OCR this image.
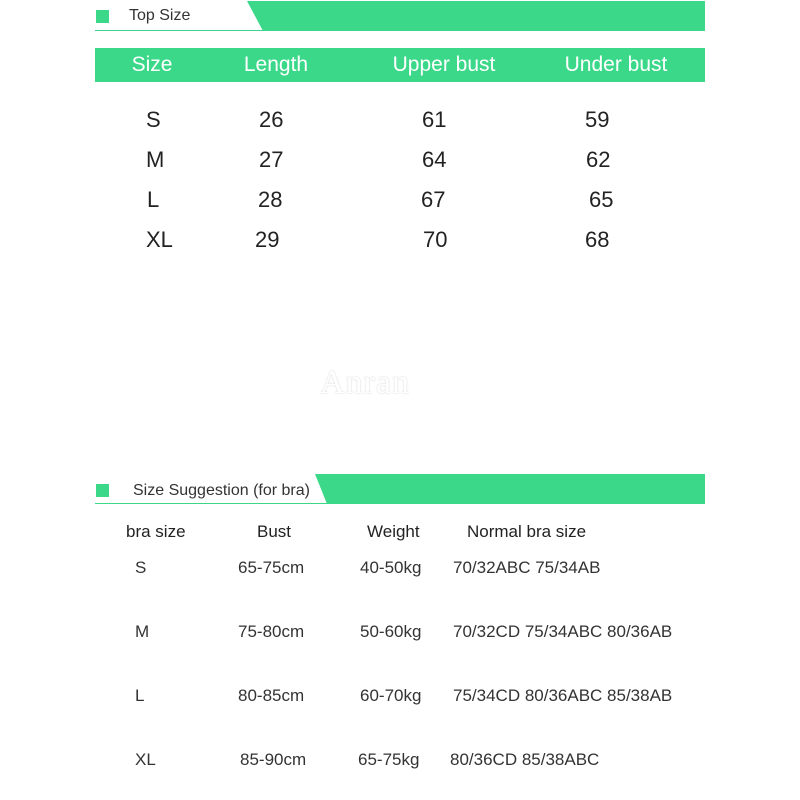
Top Size
Size	Length	Upper bust	Under bust
S	26	61	59
M	27	64	62
L	28	67	65
XL	29	70	68
Anran
Size Suggestion (for bra)
bra size	Bust	Weight	Normal bra size
S	65-75cm	40-50kg 70/32ABC 75/34AB
M	75-80cm	50-60kg 70/32CD 75/34ABC 80/36AB
L	80-85cm	60-70kg 75/34CD 80/36ABC 85/38AB
XL	85-90cm	65-75kg 80/36CD 85/38ABC
